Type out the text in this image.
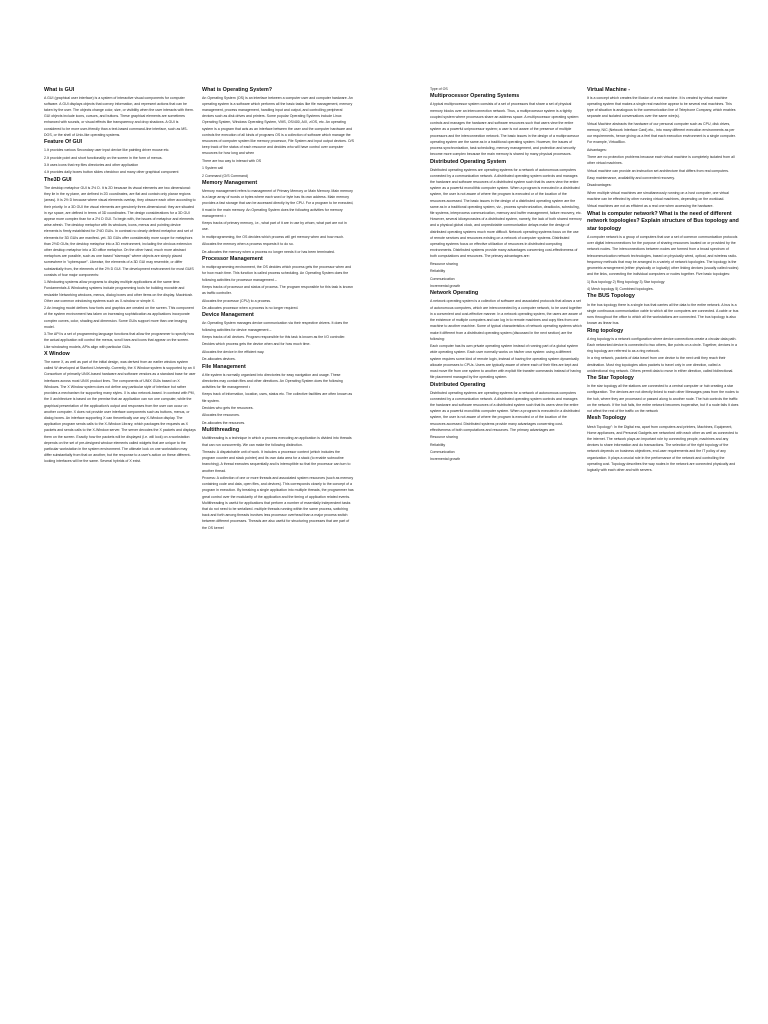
What is GUI

A GUI (graphical user interface) is a system of interactive visual components for computer software. A GUI displays objects that convey information, and represent actions that can be taken by the user. The objects change color, size, or visibility when the user interacts with them. GUI objects include icons, cursors, and buttons. These graphical elements are sometimes enhanced with sounds, or visual effects like transparency and drop shadows. A GUI is considered to be more user-friendly than a text-based command-line interface, such as MS-DOS, or the shell of Unix-like operating systems.

Feature Of GUI

1.It provides various Secondary user input device like painting driver mouse etc.

2.It provide point and short functionality on the screen in the form of menus.

3.It uses icons that rep files directories and other application

4.It provides daily boxes button slides checkbox and many other graphical component

The3D GUI

The desktop metaphor GUI is 2½ D. It is 2D because its visual elements are two dimensional: they lie in the xy plane, are defined in 2D coordinates, are flat and contain only planar regions (areas). It is 2½ D because where visual elements overlap, they obscure each other according to their priority. In a 3D GUI the visual elements are genuinely three-dimensional: they are situated in xyz space, are defined in terms of 3D coordinates. The design considerations for a 3D GUI appear more complex than for a 2½ D GUI. To begin with, the issues of metaphor and elements arise afresh. The desktop metaphor with its windows, icons, menus and pointing device elements is firmly established for 2½D GUIs. In contrast no clearly defined metaphor and set of elements for 3D GUIs are manifest- yet. 3D GUIs offer considerably more scope for metaphors than 2½D GUIs; the desktop metaphor into a 3D environment, including the obvious extension other desktop metaphor into a 3D office metaphor. On the other hand, much more abstract metaphors are possible, such as one based "starmaps" where objects are simply placed somewhere in "cyberspace". Likewise, the elements of a 3D GUI may resemble, or differ substantially from, the elements of the 2½ D GUI. The development environment for most GUIS consists of four major components:

1.Windowing systems allow programs to display multiple applications at the same time. Fundamentals & Windowing systems include programming tools for building movable and resizable Networking windows, menus, dialog boxes and other items on the display. Macintosh. Other use common windowing systems such as X-window or simple X.

2.An imaging model defines how fonts and graphics are created on the screen. This component of the system environment has taken on increasing sophistication as applications incorporate complex curves, color, shading and dimension. Some GUIs support more than one imaging model.

3.The API is a set of programming language functions that allow the programmer to specify how the actual application will control the menus, scroll bars and icons that appear on the screen. Like windowing models, APIs align with particular GUIs.

X Window

The name X, as well as part of the initial design, was derived from an earlier window system called W developed at Stanford University. Currently, the X Window system is supported by an X Consortium of primarily UNIX-based hardware and software vendors as a standard base for user interfaces across most UNIX product lines. The components of UNIX GUIs based on X Windows. The X Window system does not define any particular style of interface but rather provides a mechanism for supporting many styles. X is also network-based. In contrast with PM, the X architecture is based on the premise that an application can run one computer, while the graphical presentation of the application's output and responses from the user can occur on another computer. X does not provide user interface components such as buttons, menus, or dialog boxes. An interface supporting X can theoretically use any X-Window display. The application program sends calls to the X-Window Library, which packages the requests as X packets and sends calls to the X-Window server. The server decodes the X packets and displays them on the screen. Exactly how the packets will be displayed (i.e. will look) on a workstation depends on the set of pre-designed window elements called widgets that are unique to the particular workstation in the system environment. The ultimate look on one workstation may differ substantially from that on another, but the response to a user's action on these different-looking interfaces will be the same. Several hybrids of X exist.

What is Operating System?

An Operating System (OS) is an interface between a computer user and computer hardware. An operating system is a software which performs all the basic tasks like file management, memory management, process management, handling input and output, and controlling peripheral devices such as disk drives and printers. Some popular Operating Systems include Linux Operating System, Windows Operating System, VMS, OS/400, AIX, z/OS, etc. An operating system is a program that acts as an interface between the user and the computer hardware and controls the execution of all kinds of programs OS is a collection of software which manage the resources of computer system like memory processor, File System and input output devices. O/S keep track of the status of each resource and decides who will have control over computer resources for how long and when

There are two way to interact with OS

1 System call

2 Command (O/S Command)

Memory Management

Memory management refers to management of Primary Memory or Main Memory. Main memory is a large array of words or bytes where each word or byte has its own address. Main memory provides a fast storage that can be accessed directly by the CPU. For a program to be executed, it must in the main memory. An Operating System does the following activities for memory management: •

Keeps tracks of primary memory, i.e., what part of it are in use by whom, what part are not in use.

In multiprogramming, the OS decides which process will get memory when and how much.

Allocates the memory when a process requests it to do so.

De-allocates the memory when a process no longer needs it or has been terminated.

Processor Management

In multiprogramming environment, the OS decides which process gets the processor when and for how much time. This function is called process scheduling. An Operating System does the following activities for processor management –

Keeps tracks of processor and status of process. The program responsible for this task is known as traffic controller.

Allocates the processor (CPU) to a process.

De-allocates processor when a process is no longer required.

Device Management

An Operating System manages device communication via their respective drivers. It does the following activities for device management –

Keeps tracks of all devices. Program responsible for this task is known as the I/O controller.

Decides which process gets the device when and for how much time.

Allocates the device in the efficient way.

De-allocates devices.

File Management

A file system is normally organized into directories for easy navigation and usage. These directories may contain files and other directions. An Operating System does the following activities for file management •

Keeps track of information, location, uses, status etc. The collective facilities are often known as file system.

Decides who gets the resources.

Allocates the resources.

De-allocates the resources.

Multithreading

Multithreading is a technique in which a process executing an application is divided into threads that can run concurrently. We can make the following distinction.

Threads: A dispatchable unit of work. It includes a processor context (which includes the program counter and stack pointer) and its own data area for a stack (to enable subroutine branching). A thread executes sequentially and is interruptible so that the processor can turn to another thread.

Process: A collection of one or more threads and associated system resources (such as memory containing code and data, open files, and devices). This corresponds closely to the concept of a program in execution. By breaking a single application into multiple threads, the programmer has great control over the modularity of the application and the timing of application related events. Multithreading is useful for applications that perform a number of essentially independent tasks that do not need to be serialized. multiple threads running within the same process, switching back and forth among threads involves less processor overhead than a major process switch between different processes. Threads are also useful for structuring processes that are part of the OS kernel

Type of OS

Multiprocessor Operating Systems

A typical multiprocessor system consists of a set of processors that share a set of physical memory blocks over an interconnection network. Thus, a multiprocessor system is a tightly coupled system where processors share an address space. A multiprocessor operating system controls and manages the hardware and software resources such that users view the entire system as a powerful uniprocessor system; a user is not aware of the presence of multiple processors and the interconnection network. The basic issues in the design of a multiprocessor operating system are the same as in a traditional operating system. However, the issues of process synchronization, task scheduling, memory management, and protection and security become more complex because the main memory is shared by many physical processors.

Distributed Operating System

Distributed operating systems are operating systems for a network of autonomous computers connected by a communication network. A distributed operating system controls and manages the hardware and software resources of a distributed system such that its users view the entire system as a powerful monolithic computer system. When a program is executed in a distributed system, the user is not aware of where the program is executed or of the location of the resources accessed. The basic issues in the design of a distributed operating system are the same as in a traditional operating system, viz., process synchronization, deadlocks, scheduling, file systems, interprocess communication, memory and buffer management, failure recovery, etc. However, several idiosyncrasies of a distributed system, namely, the lack of both shared memory and a physical global clock, and unpredictable communication delays make the design of distributed operating systems much more difficult. Network operating systems focus on the use of remote services and resources existing on a network of computer systems. Distributed operating systems focus on effective utilization of resources in distributed computing environments. Distributed systems provide many advantages concerning cost-effectiveness of both computations and resources. The primary advantages are:

Resource sharing

Reliability

Communication

Incremental growth

Network Operating

A network operating system is a collection of software and associated protocols that allows a set of autonomous computers, which are interconnected by a computer network, to be used together in a convenient and cost-effective manner. In a network operating system, the users are aware of the existence of multiple computers and can log in to remote machines and copy files from one machine to another machine. Some of typical characteristics of network operating systems which make it different from a distributed operating system (discussed in the next section) are the following:

Each computer has its own private operating system instead of running part of a global system wide operating system. Each user normally works on his/her own system: using a different system requires some kind of remote login, instead of having the operating system dynamically allocate processes to CPUs. Users are typically aware of where each of their files are kept and must move file from one system to another with explicit file transfer commands instead of having file placement managed by the operating system.

Distributed Operating

Distributed operating systems are operating systems for a network of autonomous computers connected by a communication network. A distributed operating system controls and manages the hardware and software resources of a distributed system such that its users view the entire system as a powerful monolithic computer system. When a program is executed in a distributed system, the user is not aware of where the program is executed or of the location of the resources accessed. Distributed systems provide many advantages concerning cost-effectiveness of both computations and resources. The primary advantages are:

Resource sharing

Reliability

Communication

Incremental growth

Virtual Machine -

It is a concept which creates the illusion of a real machine. It is created by virtual machine operating system that makes a single real machine appear to be several real machines. This type of situation is analogous to the communication line of Telephone Company, which enables separate and isolated conversations over the same wire(s).

Virtual Machine abstracts the hardware of our personal computer such as CPU, disk drives, memory, NIC (Network Interface Card) etc., into many different execution environments as per our requirements, hence giving us a feel that each execution environment is a single computer. For example, VirtualBox.

Advantages:

There are no protection problems because each virtual machine is completely isolated from all other virtual machines.

Virtual machine can provide an instruction set architecture that differs from real computers.

Easy maintenance, availability and convenient recovery.

Disadvantages:

When multiple virtual machines are simultaneously running on a host computer, one virtual machine can be effected by other running virtual machines, depending on the workload.

Virtual machines are not as efficient as a real one when accessing the hardware.

What is computer network? What is the need of different network topologies? Explain structure of Bus topology and star topology

A computer network is a group of computers that use a set of common communication protocols over digital interconnections for the purpose of sharing resources located on or provided by the network nodes. The interconnections between nodes are formed from a broad spectrum of telecommunication network technologies, based on physically wired, optical, and wireless radio-frequency methods that may be arranged in a variety of network topologies. The topology is the geometric arrangement (either physically or logically) other linking devices (usually called nodes) and the links, connecting the individual computers or nodes together. Five basic topologies:

1) Bus topology 2) Ring topology 3) Star topology

4) Mesh topology 5) Combined topologies.

The BUS Topology

In the bus topology there is a single bus that carries all the data to the entire network. A bus is a single continuous communication cable to which all the computers are connected. A cable or bus runs throughout the office to which all the workstations are connected. The bus topology is also known as linear bus.

Ring topology

A ring topology is a network configuration where device connections create a circular data path. Each networked device is connected to two others, like points on a circle. Together, devices in a ring topology are referred to as a ring network.

In a ring network, packets of data travel from one device to the next until they reach their destination. Most ring topologies allow packets to travel only in one direction, called a unidirectional ring network. Others permit data to move in either direction, called bidirectional.

The Star Topology

In the star topology all the stations are connected to a central computer or hub creating a star configuration. The devices are not directly linked to each other Messages pass from the nodes to the hub, where they are processed or passed along to another node. The hub controls the traffic on the network. If the hub fails, the entire network becomes inoperative, but if a node fails it does not affect the rest of the traffic on the network

Mesh Topology

Mesh Topology": In the Digital era, apart from computers and printers, Machines, Equipment, Home appliances, and Personal Gadgets are networked with each other as well as connected to the internet. The network plays an important role by connecting people, machines and any devices to share information and do transactions. The selection of the right topology of the network depends on business objectives, end-user requirements and the IT policy of any organization. It plays a crucial role in the performance of the network and controlling the operating cost. Topology describes the way nodes in the network are connected physically and logically with each other and with servers.
